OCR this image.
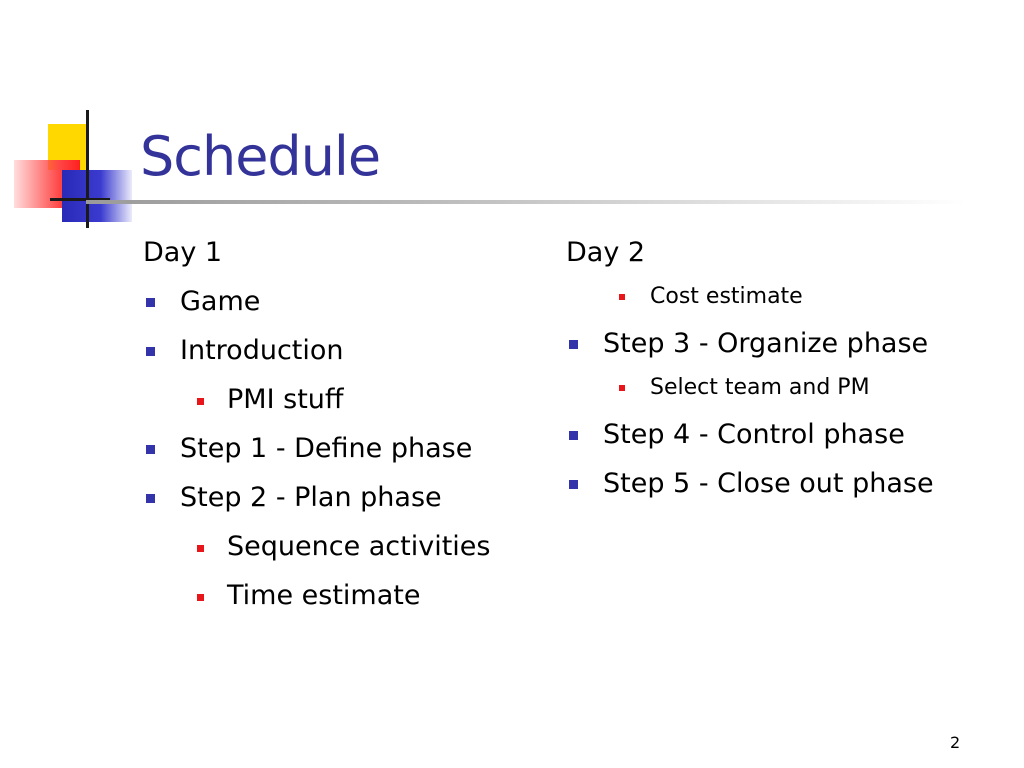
Schedule
Day 1
Game
Introduction
PMI stuff
Step 1 - Define phase
Step 2 - Plan phase
Sequence activities
Time estimate
Day 2
Cost estimate
Step 3 - Organize phase
Select team and PM
Step 4 - Control phase
Step 5 - Close out phase
2
